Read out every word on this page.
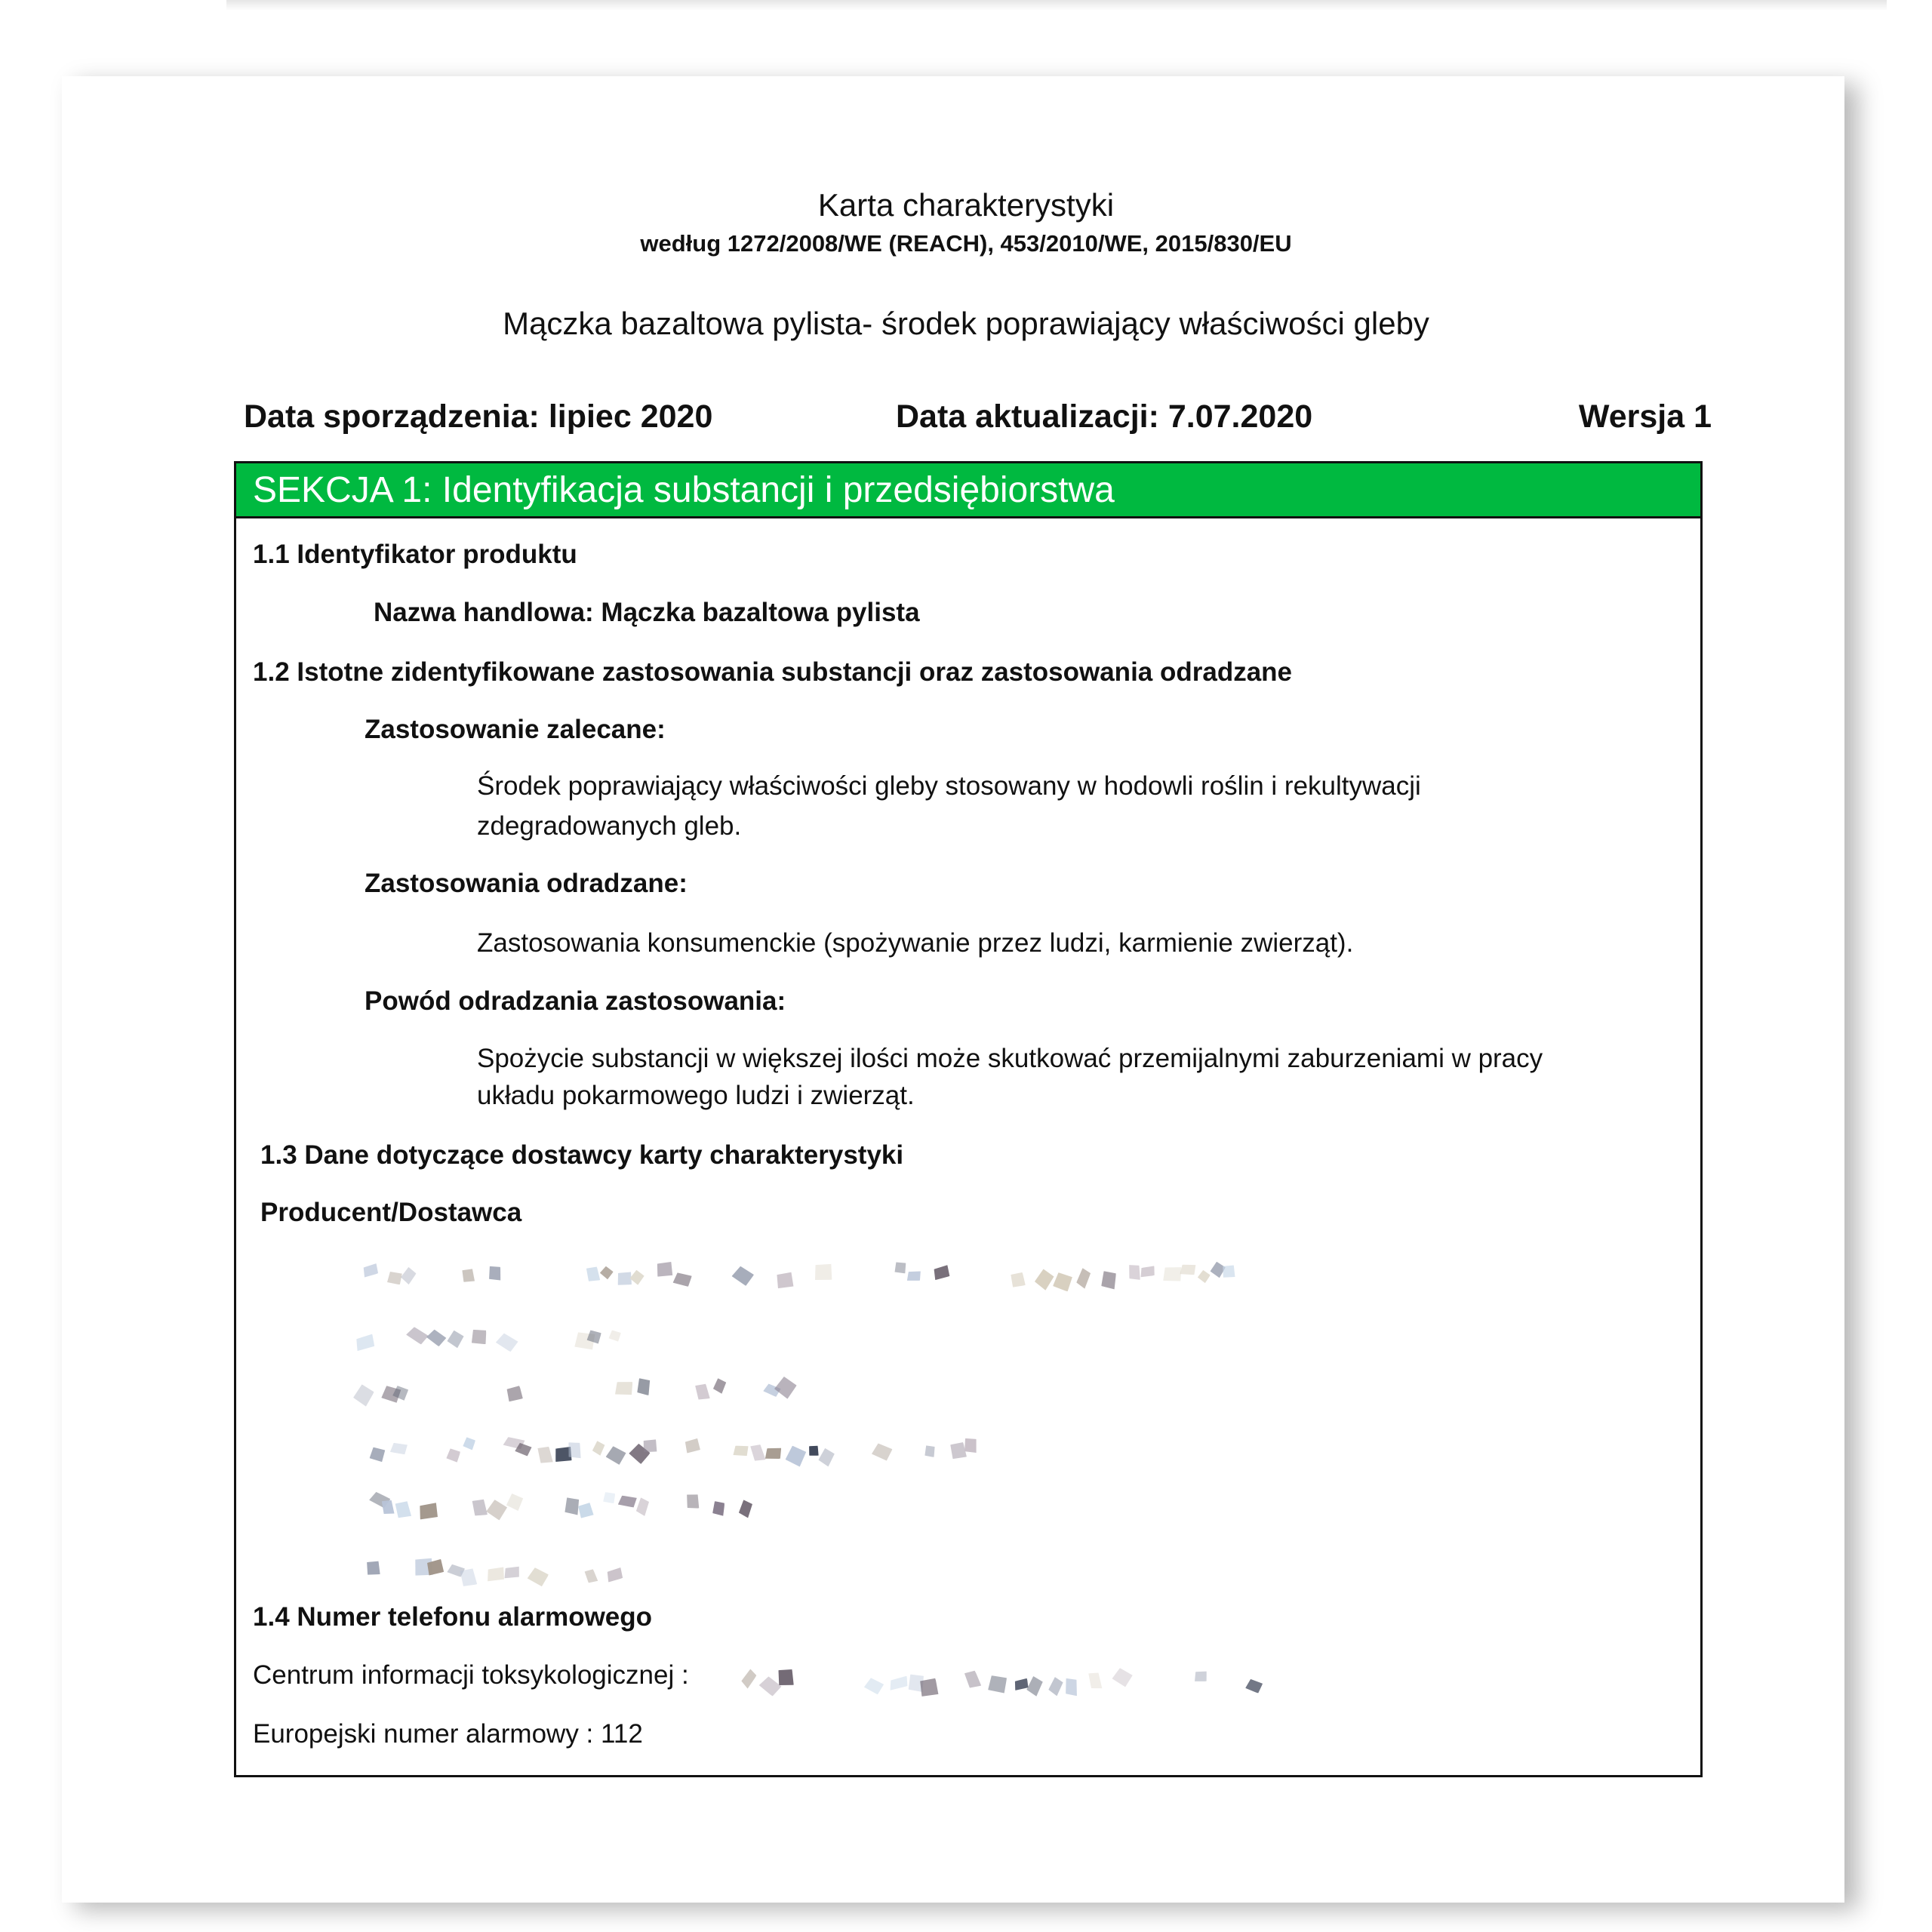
Karta charakterystyki
według 1272/2008/WE (REACH), 453/2010/WE, 2015/830/EU
Mączka bazaltowa pylista- środek poprawiający właściwości gleby
Data sporządzenia: lipiec 2020	Data aktualizacji: 7.07.2020	Wersja 1
SEKCJA 1: Identyfikacja substancji i przedsiębiorstwa
1.1 Identyfikator produktu
Nazwa handlowa: Mączka bazaltowa pylista
1.2 Istotne zidentyfikowane zastosowania substancji oraz zastosowania odradzane
Zastosowanie zalecane:
Środek poprawiający właściwości gleby stosowany w hodowli roślin i rekultywacji
zdegradowanych gleb.
Zastosowania odradzane:
Zastosowania konsumenckie (spożywanie przez ludzi, karmienie zwierząt).
Powód odradzania zastosowania:
Spożycie substancji w większej ilości może skutkować przemijalnymi zaburzeniami w pracy
układu pokarmowego ludzi i zwierząt.
1.3 Dane dotyczące dostawcy karty charakterystyki
Producent/Dostawca
1.4 Numer telefonu alarmowego
Centrum informacji toksykologicznej :
Europejski numer alarmowy : 112
